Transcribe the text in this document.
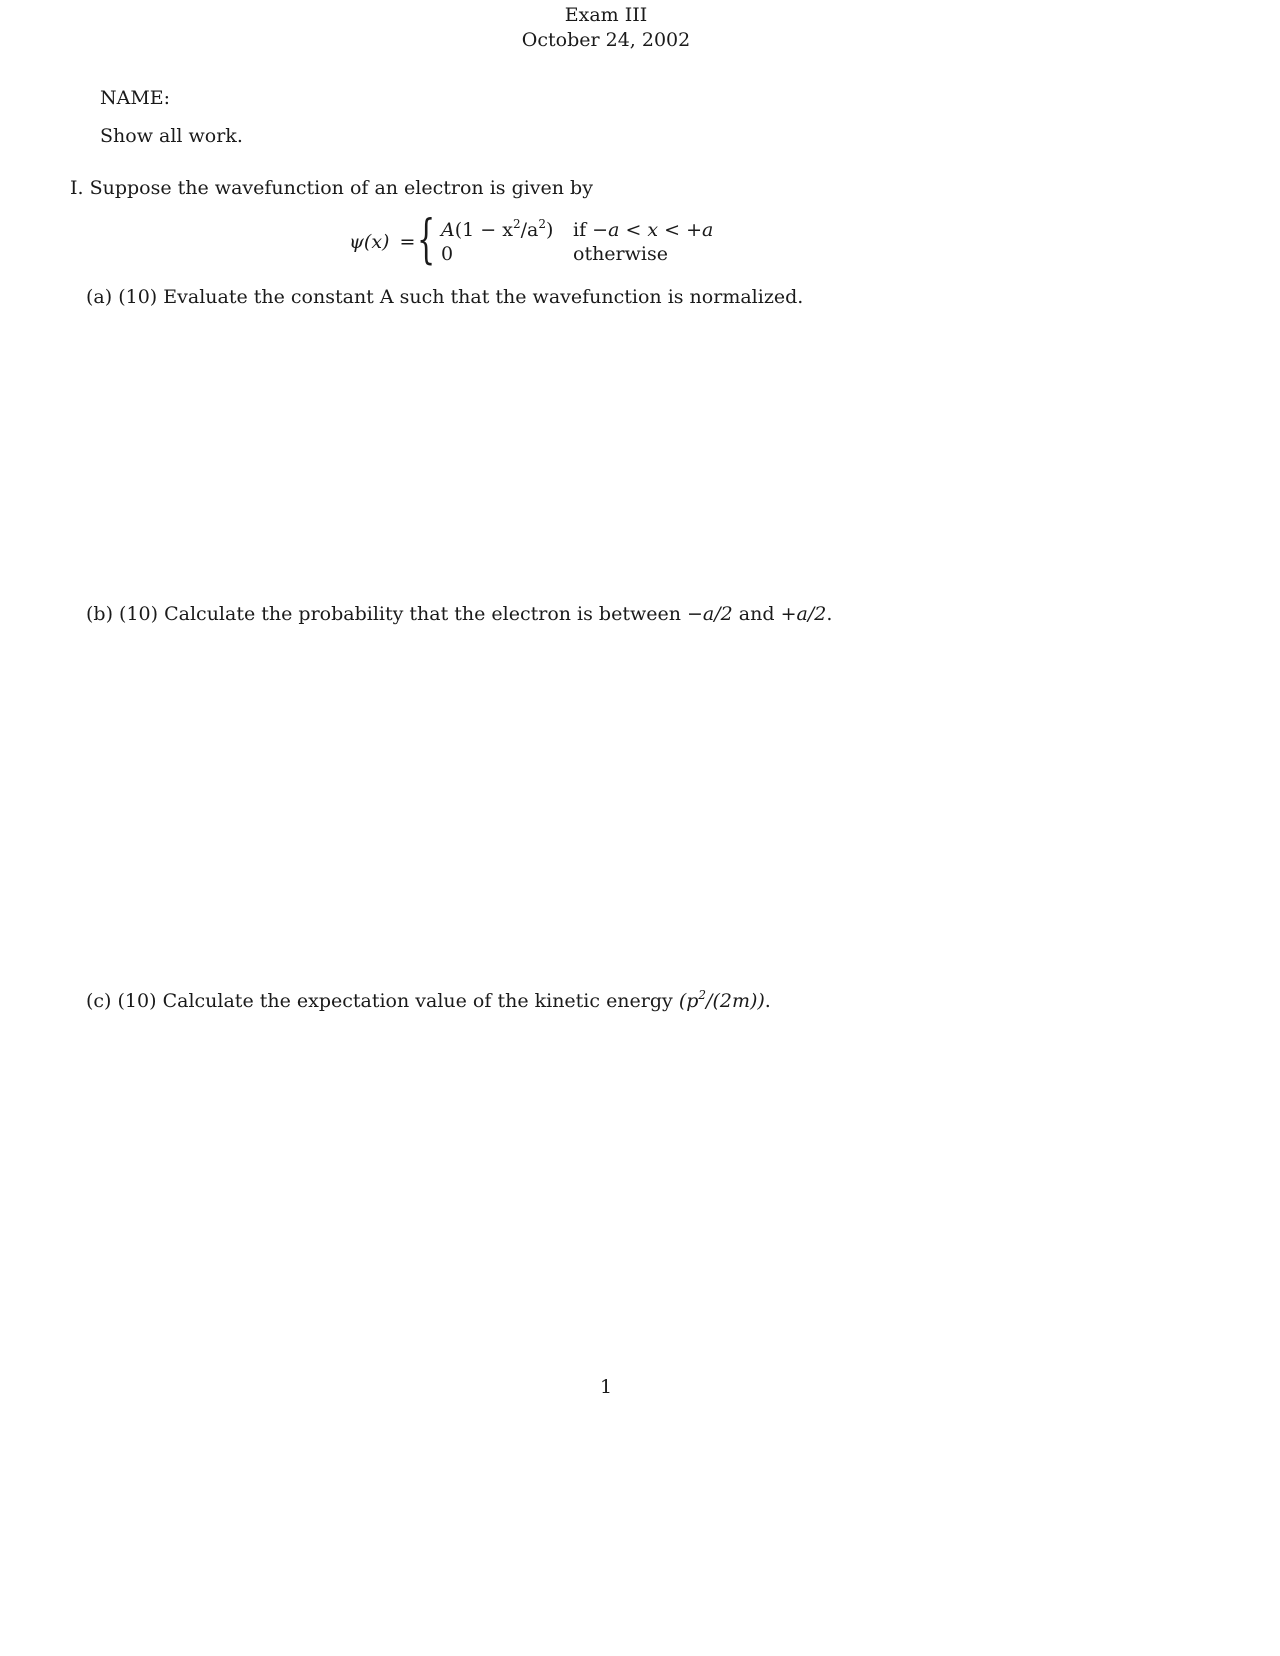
Exam III
October 24, 2002
NAME:
Show all work.
I. Suppose the wavefunction of an electron is given by
ψ(x) = { $A(1 - x^2/a^2)$ if −a < x < +a
0	otherwise
(a) (10) Evaluate the constant A such that the wavefunction is normalized.
(b) (10) Calculate the probability that the electron is between −a/2 and +a/2.
(c) (10) Calculate the expectation value of the kinetic energy $(p^2/(2m))$.
1
